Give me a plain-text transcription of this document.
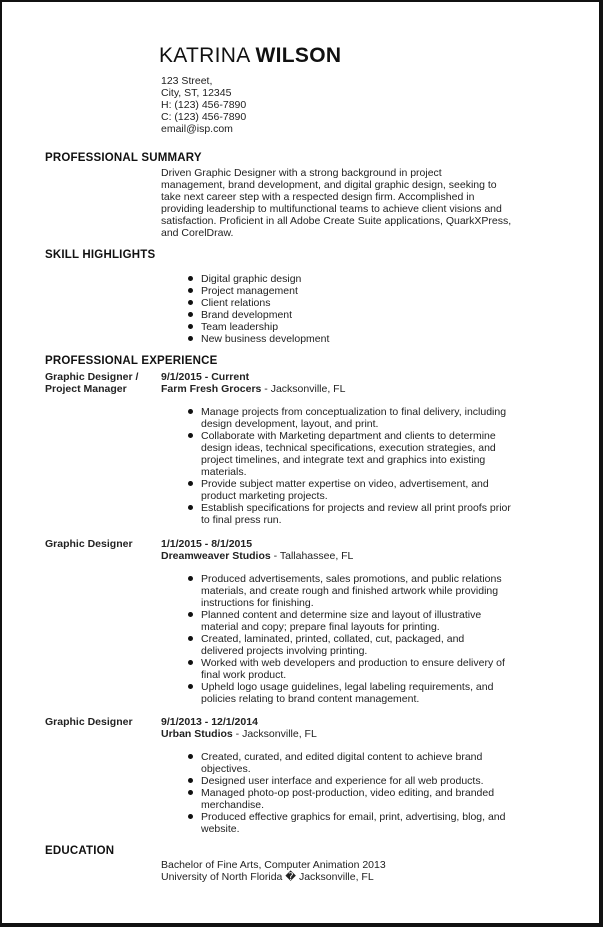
KATRINA WILSON
123 Street,
City, ST, 12345
H: (123) 456-7890
C: (123) 456-7890
email@isp.com
PROFESSIONAL SUMMARY
Driven Graphic Designer with a strong background in project
management, brand development, and digital graphic design, seeking to
take next career step with a respected design firm. Accomplished in
providing leadership to multifunctional teams to achieve client visions and
satisfaction. Proficient in all Adobe Create Suite applications, QuarkXPress,
and CorelDraw.
SKILL HIGHLIGHTS
Digital graphic design
Project management
Client relations
Brand development
Team leadership
New business development
PROFESSIONAL EXPERIENCE
Graphic Designer /
Project Manager
9/1/2015 - Current
Farm Fresh Grocers - Jacksonville, FL
Manage projects from conceptualization to final delivery, including
design development, layout, and print.
Collaborate with Marketing department and clients to determine
design ideas, technical specifications, execution strategies, and
project timelines, and integrate text and graphics into existing
materials.
Provide subject matter expertise on video, advertisement, and
product marketing projects.
Establish specifications for projects and review all print proofs prior
to final press run.
Graphic Designer	1/1/2015 - 8/1/2015
Dreamweaver Studios - Tallahassee, FL
Produced advertisements, sales promotions, and public relations
materials, and create rough and finished artwork while providing
instructions for finishing.
Planned content and determine size and layout of illustrative
material and copy; prepare final layouts for printing.
Created, laminated, printed, collated, cut, packaged, and
delivered projects involving printing.
Worked with web developers and production to ensure delivery of
final work product.
Upheld logo usage guidelines, legal labeling requirements, and
policies relating to brand content management.
Graphic Designer	9/1/2013 - 12/1/2014
Urban Studios - Jacksonville, FL
Created, curated, and edited digital content to achieve brand
objectives.
Designed user interface and experience for all web products.
Managed photo-op post-production, video editing, and branded
merchandise.
Produced effective graphics for email, print, advertising, blog, and
website.
EDUCATION
Bachelor of Fine Arts, Computer Animation 2013
University of North Florida � Jacksonville, FL
